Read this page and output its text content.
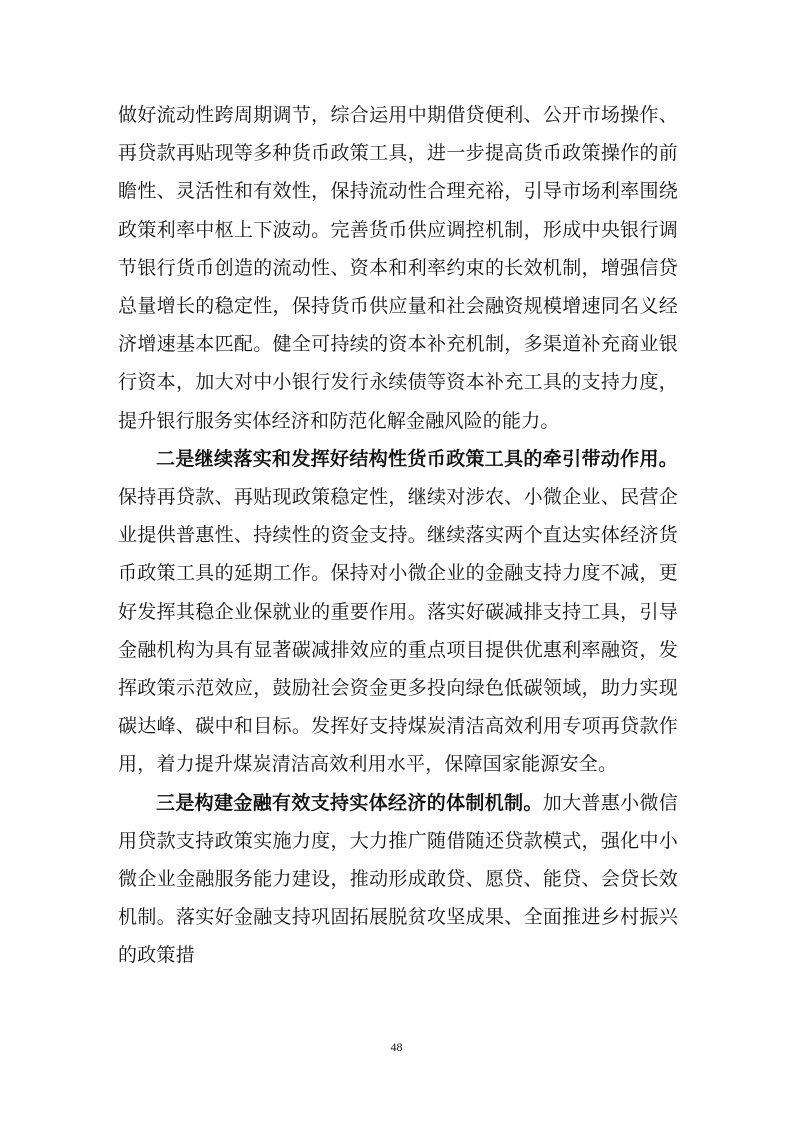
做好流动性跨周期调节，综合运用中期借贷便利、公开市场操作、再贷款再贴现等多种货币政策工具，进一步提高货币政策操作的前瞻性、灵活性和有效性，保持流动性合理充裕，引导市场利率围绕政策利率中枢上下波动。完善货币供应调控机制，形成中央银行调节银行货币创造的流动性、资本和利率约束的长效机制，增强信贷总量增长的稳定性，保持货币供应量和社会融资规模增速同名义经济增速基本匹配。健全可持续的资本补充机制，多渠道补充商业银行资本，加大对中小银行发行永续债等资本补充工具的支持力度，提升银行服务实体经济和防范化解金融风险的能力。

二是继续落实和发挥好结构性货币政策工具的牵引带动作用。保持再贷款、再贴现政策稳定性，继续对涉农、小微企业、民营企业提供普惠性、持续性的资金支持。继续落实两个直达实体经济货币政策工具的延期工作。保持对小微企业的金融支持力度不减，更好发挥其稳企业保就业的重要作用。落实好碳减排支持工具，引导金融机构为具有显著碳减排效应的重点项目提供优惠利率融资，发挥政策示范效应，鼓励社会资金更多投向绿色低碳领域，助力实现碳达峰、碳中和目标。发挥好支持煤炭清洁高效利用专项再贷款作用，着力提升煤炭清洁高效利用水平，保障国家能源安全。

三是构建金融有效支持实体经济的体制机制。加大普惠小微信用贷款支持政策实施力度，大力推广随借随还贷款模式，强化中小微企业金融服务能力建设，推动形成敢贷、愿贷、能贷、会贷长效机制。落实好金融支持巩固拓展脱贫攻坚成果、全面推进乡村振兴的政策措

48
